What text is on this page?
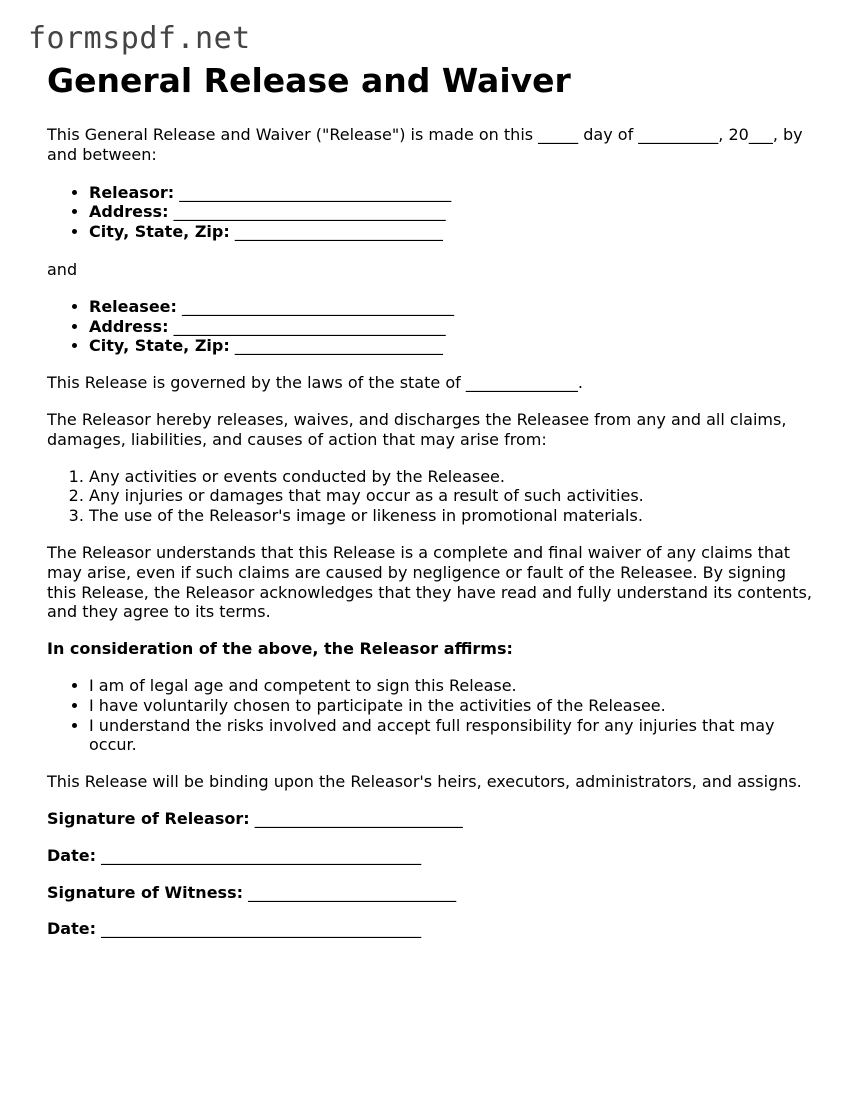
formspdf.net
General Release and Waiver

This General Release and Waiver ("Release") is made on this _____ day of __________, 20___, by and between:

• Releasor: __________________________________
• Address: __________________________________
• City, State, Zip: __________________________

and

• Releasee: __________________________________
• Address: __________________________________
• City, State, Zip: __________________________

This Release is governed by the laws of the state of ______________.

The Releasor hereby releases, waives, and discharges the Releasee from any and all claims, damages, liabilities, and causes of action that may arise from:

1. Any activities or events conducted by the Releasee.
2. Any injuries or damages that may occur as a result of such activities.
3. The use of the Releasor's image or likeness in promotional materials.

The Releasor understands that this Release is a complete and final waiver of any claims that may arise, even if such claims are caused by negligence or fault of the Releasee. By signing this Release, the Releasor acknowledges that they have read and fully understand its contents, and they agree to its terms.

In consideration of the above, the Releasor affirms:

• I am of legal age and competent to sign this Release.
• I have voluntarily chosen to participate in the activities of the Releasee.
• I understand the risks involved and accept full responsibility for any injuries that may occur.

This Release will be binding upon the Releasor's heirs, executors, administrators, and assigns.

Signature of Releasor: __________________________

Date: ________________________________________

Signature of Witness: __________________________

Date: ________________________________________
